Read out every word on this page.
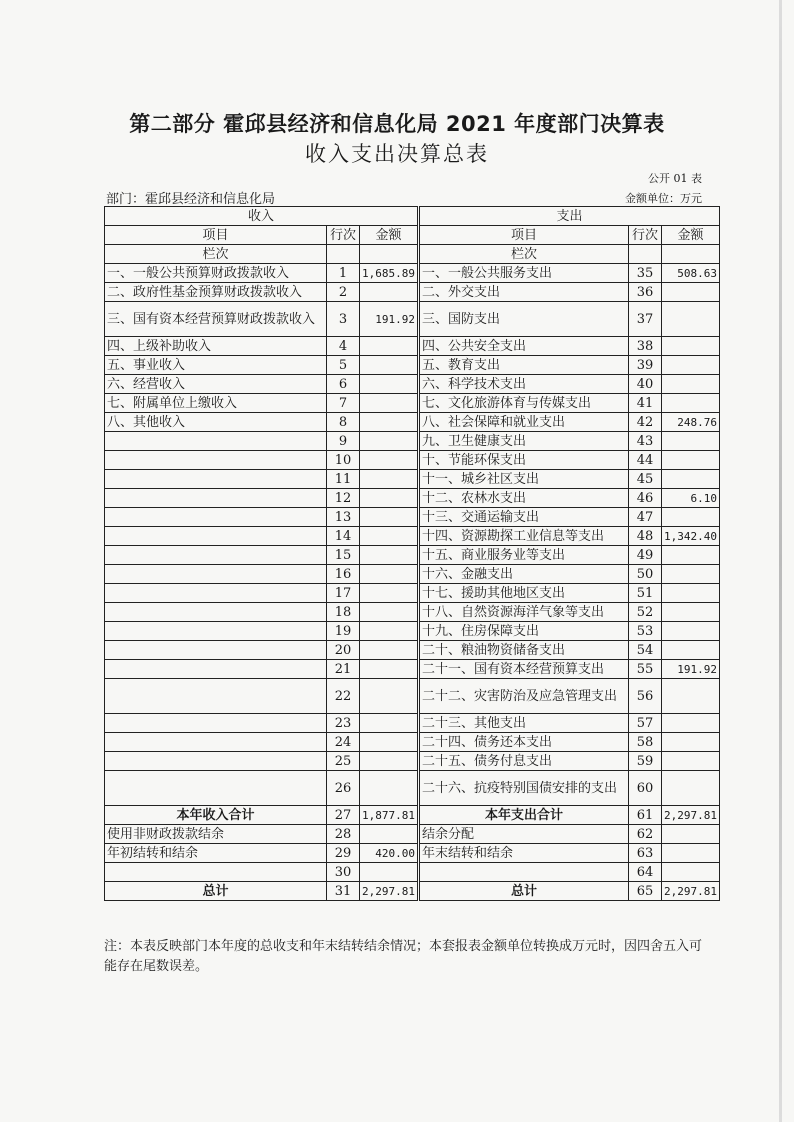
第二部分 霍邱县经济和信息化局 2021 年度部门决算表
收入支出决算总表
公开 01 表
部门：霍邱县经济和信息化局	金额单位：万元
收入			支出		
项目	行次	金额	项目	行次	金额
栏次			栏次		
一、一般公共预算财政拨款收入	1	1,685.89	一、一般公共服务支出	35	508.63
二、政府性基金预算财政拨款收入	2		二、外交支出	36	
三、国有资本经营预算财政拨款收入	3	191.92	三、国防支出	37	
四、上级补助收入	4		四、公共安全支出	38	
五、事业收入	5		五、教育支出	39	
六、经营收入	6		六、科学技术支出	40	
七、附属单位上缴收入	7		七、文化旅游体育与传媒支出	41	
八、其他收入	8		八、社会保障和就业支出	42	248.76
	9		九、卫生健康支出	43	
	10		十、节能环保支出	44	
	11		十一、城乡社区支出	45	
	12		十二、农林水支出	46	6.10
	13		十三、交通运输支出	47	
	14		十四、资源勘探工业信息等支出	48	1,342.40
	15		十五、商业服务业等支出	49	
	16		十六、金融支出	50	
	17		十七、援助其他地区支出	51	
	18		十八、自然资源海洋气象等支出	52	
	19		十九、住房保障支出	53	
	20		二十、粮油物资储备支出	54	
	21		二十一、国有资本经营预算支出	55	191.92
	22		二十二、灾害防治及应急管理支出	56	
	23		二十三、其他支出	57	
	24		二十四、债务还本支出	58	
	25		二十五、债务付息支出	59	
	26		二十六、抗疫特别国债安排的支出	60	
本年收入合计	27	1,877.81	本年支出合计	61	2,297.81
使用非财政拨款结余	28		结余分配	62	
年初结转和结余	29	420.00	年末结转和结余	63	
	30			64	
总计	31	2,297.81	总计	65	2,297.81
注：本表反映部门本年度的总收支和年末结转结余情况；本套报表金额单位转换成万元时，因四舍五入可能存在尾数误差。
